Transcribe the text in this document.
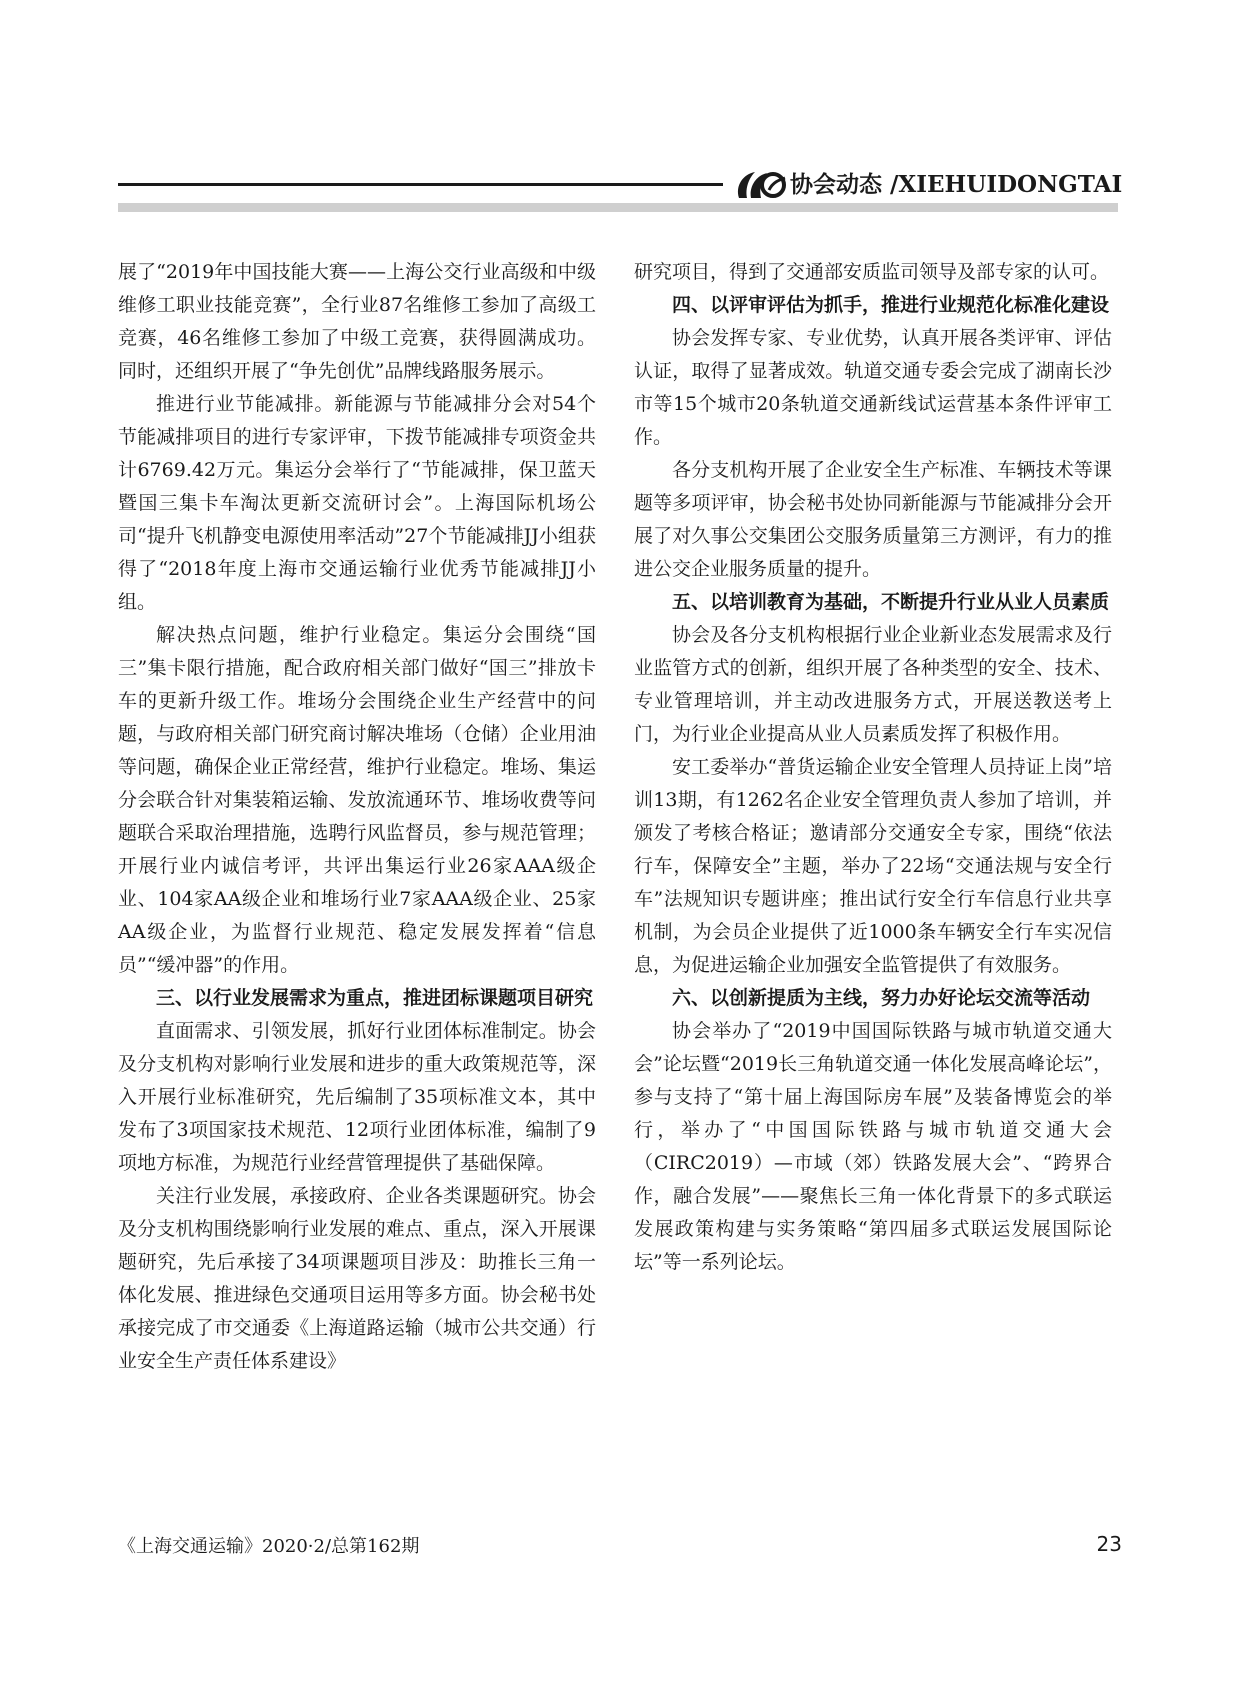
协会动态 /XIEHUIDONGTAI

展了“2019年中国技能大赛——上海公交行业高级和中级维修工职业技能竞赛”，全行业87名维修工参加了高级工竞赛，46名维修工参加了中级工竞赛，获得圆满成功。同时，还组织开展了“争先创优”品牌线路服务展示。

推进行业节能减排。新能源与节能减排分会对54个节能减排项目的进行专家评审，下拨节能减排专项资金共计6769.42万元。集运分会举行了“节能减排，保卫蓝天暨国三集卡车淘汰更新交流研讨会”。上海国际机场公司“提升飞机静变电源使用率活动”27个节能减排JJ小组获得了“2018年度上海市交通运输行业优秀节能减排JJ小组。

解决热点问题，维护行业稳定。集运分会围绕“国三”集卡限行措施，配合政府相关部门做好“国三”排放卡车的更新升级工作。堆场分会围绕企业生产经营中的问题，与政府相关部门研究商讨解决堆场（仓储）企业用油等问题，确保企业正常经营，维护行业稳定。堆场、集运分会联合针对集装箱运输、发放流通环节、堆场收费等问题联合采取治理措施，选聘行风监督员，参与规范管理；开展行业内诚信考评，共评出集运行业26家AAA级企业、104家AA级企业和堆场行业7家AAA级企业、25家AA级企业，为监督行业规范、稳定发展发挥着“信息员”“缓冲器”的作用。

三、以行业发展需求为重点，推进团标课题项目研究

直面需求、引领发展，抓好行业团体标准制定。协会及分支机构对影响行业发展和进步的重大政策规范等，深入开展行业标准研究，先后编制了35项标准文本，其中发布了3项国家技术规范、12项行业团体标准，编制了9项地方标准，为规范行业经营管理提供了基础保障。

关注行业发展，承接政府、企业各类课题研究。协会及分支机构围绕影响行业发展的难点、重点，深入开展课题研究，先后承接了34项课题项目涉及：助推长三角一体化发展、推进绿色交通项目运用等多方面。协会秘书处承接完成了市交通委《上海道路运输（城市公共交通）行业安全生产责任体系建设》

研究项目，得到了交通部安质监司领导及部专家的认可。

四、以评审评估为抓手，推进行业规范化标准化建设

协会发挥专家、专业优势，认真开展各类评审、评估认证，取得了显著成效。轨道交通专委会完成了湖南长沙市等15个城市20条轨道交通新线试运营基本条件评审工作。

各分支机构开展了企业安全生产标准、车辆技术等课题等多项评审，协会秘书处协同新能源与节能减排分会开展了对久事公交集团公交服务质量第三方测评，有力的推进公交企业服务质量的提升。

五、以培训教育为基础，不断提升行业从业人员素质

协会及各分支机构根据行业企业新业态发展需求及行业监管方式的创新，组织开展了各种类型的安全、技术、专业管理培训，并主动改进服务方式，开展送教送考上门，为行业企业提高从业人员素质发挥了积极作用。

安工委举办“普货运输企业安全管理人员持证上岗”培训13期，有1262名企业安全管理负责人参加了培训，并颁发了考核合格证；邀请部分交通安全专家，围绕“依法行车，保障安全”主题，举办了22场“交通法规与安全行车”法规知识专题讲座；推出试行安全行车信息行业共享机制，为会员企业提供了近1000条车辆安全行车实况信息，为促进运输企业加强安全监管提供了有效服务。

六、以创新提质为主线，努力办好论坛交流等活动

协会举办了“2019中国国际铁路与城市轨道交通大会”论坛暨“2019长三角轨道交通一体化发展高峰论坛”，参与支持了“第十届上海国际房车展”及装备博览会的举行，举办了“中国国际铁路与城市轨道交通大会（CIRC2019）—市域（郊）铁路发展大会”、“跨界合作，融合发展”——聚焦长三角一体化背景下的多式联运发展政策构建与实务策略“第四届多式联运发展国际论坛”等一系列论坛。

《上海交通运输》2020·2/总第162期	23
